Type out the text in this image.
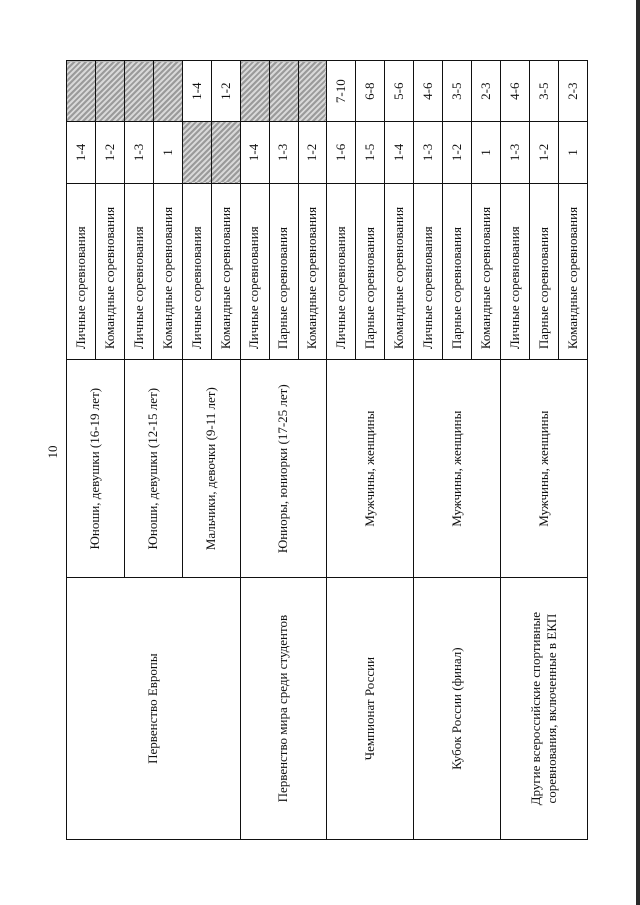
10
Первенство Европы	Юноши, девушки (16-19 лет)	Личные соревнования	1-4	
		Командные соревнования	1-2	
	Юноши, девушки (12-15 лет)	Личные соревнования	1-3	
		Командные соревнования	1	
	Мальчики, девочки (9-11 лет)	Личные соревнования		1-4
		Командные соревнования		1-2
Первенство мира среди студентов	Юниоры, юниорки (17-25 лет)	Личные соревнования	1-4	
		Парные соревнования	1-3	
		Командные соревнования	1-2	
Чемпионат России	Мужчины, женщины	Личные соревнования	1-6	7-10
		Парные соревнования	1-5	6-8
		Командные соревнования	1-4	5-6
Кубок России (финал)	Мужчины, женщины	Личные соревнования	1-3	4-6
		Парные соревнования	1-2	3-5
		Командные соревнования	1	2-3
Другие всероссийские спортивные соревнования, включенные в ЕКП	Мужчины, женщины	Личные соревнования	1-3	4-6
		Парные соревнования	1-2	3-5
		Командные соревнования	1	2-3
